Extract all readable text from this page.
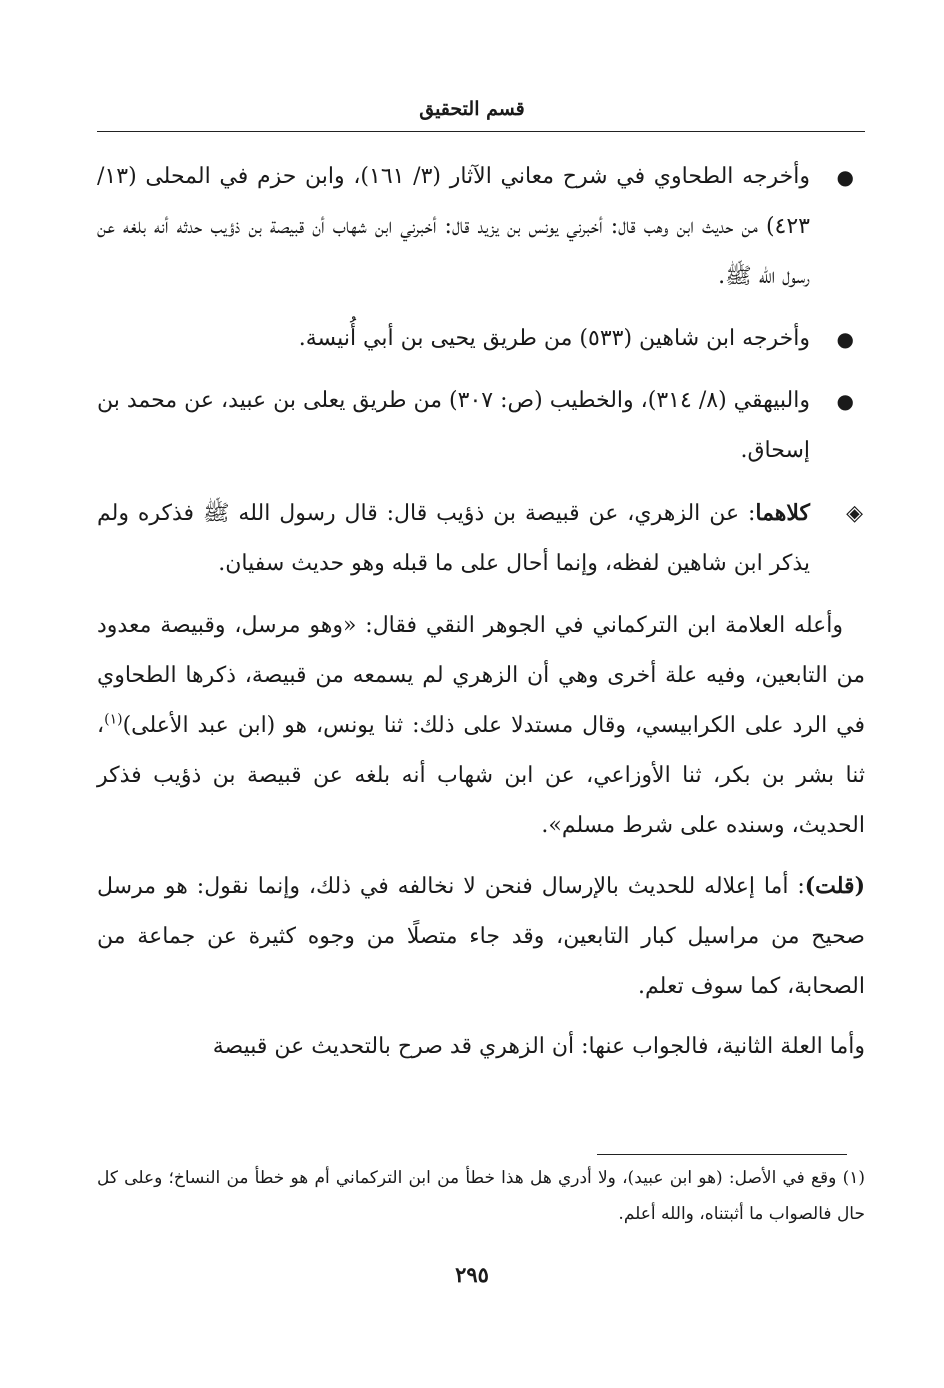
قسم التحقيق
●
وأخرجه الطحاوي في شرح معاني الآثار (٣/ ١٦١)، وابن حزم في المحلى (١٣/ ٤٢٣) من حديث ابن وهب قال: أخبرني يونس بن يزيد قال: أخبرني ابن شهاب أن قبيصة بن ذؤيب حدثه أنه بلغه عن رسول الله ﷺ.
●
وأخرجه ابن شاهين (٥٣٣) من طريق يحيى بن أبي أُنيسة.
●
والبيهقي (٨/ ٣١٤)، والخطيب (ص: ٣٠٧) من طريق يعلى بن عبيد، عن محمد بن إسحاق.
◈
كلاهما: عن الزهري، عن قبيصة بن ذؤيب قال: قال رسول الله ﷺ فذكره ولم يذكر ابن شاهين لفظه، وإنما أحال على ما قبله وهو حديث سفيان.

وأعله العلامة ابن التركماني في الجوهر النقي فقال: «وهو مرسل، وقبيصة معدود من التابعين، وفيه علة أخرى وهي أن الزهري لم يسمعه من قبيصة، ذكرها الطحاوي في الرد على الكرابيسي، وقال مستدلا على ذلك: ثنا يونس، هو (ابن عبد الأعلى)$^{(١)}$، ثنا بشر بن بكر، ثنا الأوزاعي، عن ابن شهاب أنه بلغه عن قبيصة بن ذؤيب فذكر الحديث، وسنده على شرط مسلم».

(قلت): أما إعلاله للحديث بالإرسال فنحن لا نخالفه في ذلك، وإنما نقول: هو مرسل صحيح من مراسيل كبار التابعين، وقد جاء متصلًا من وجوه كثيرة عن جماعة من الصحابة، كما سوف تعلم.

وأما العلة الثانية، فالجواب عنها: أن الزهري قد صرح بالتحديث عن قبيصة

(١) وقع في الأصل: (هو ابن عبيد)، ولا أدري هل هذا خطأ من ابن التركماني أم هو خطأ من النساخ؛ وعلى كل حال فالصواب ما أثبتناه، والله أعلم.
٢٩٥
